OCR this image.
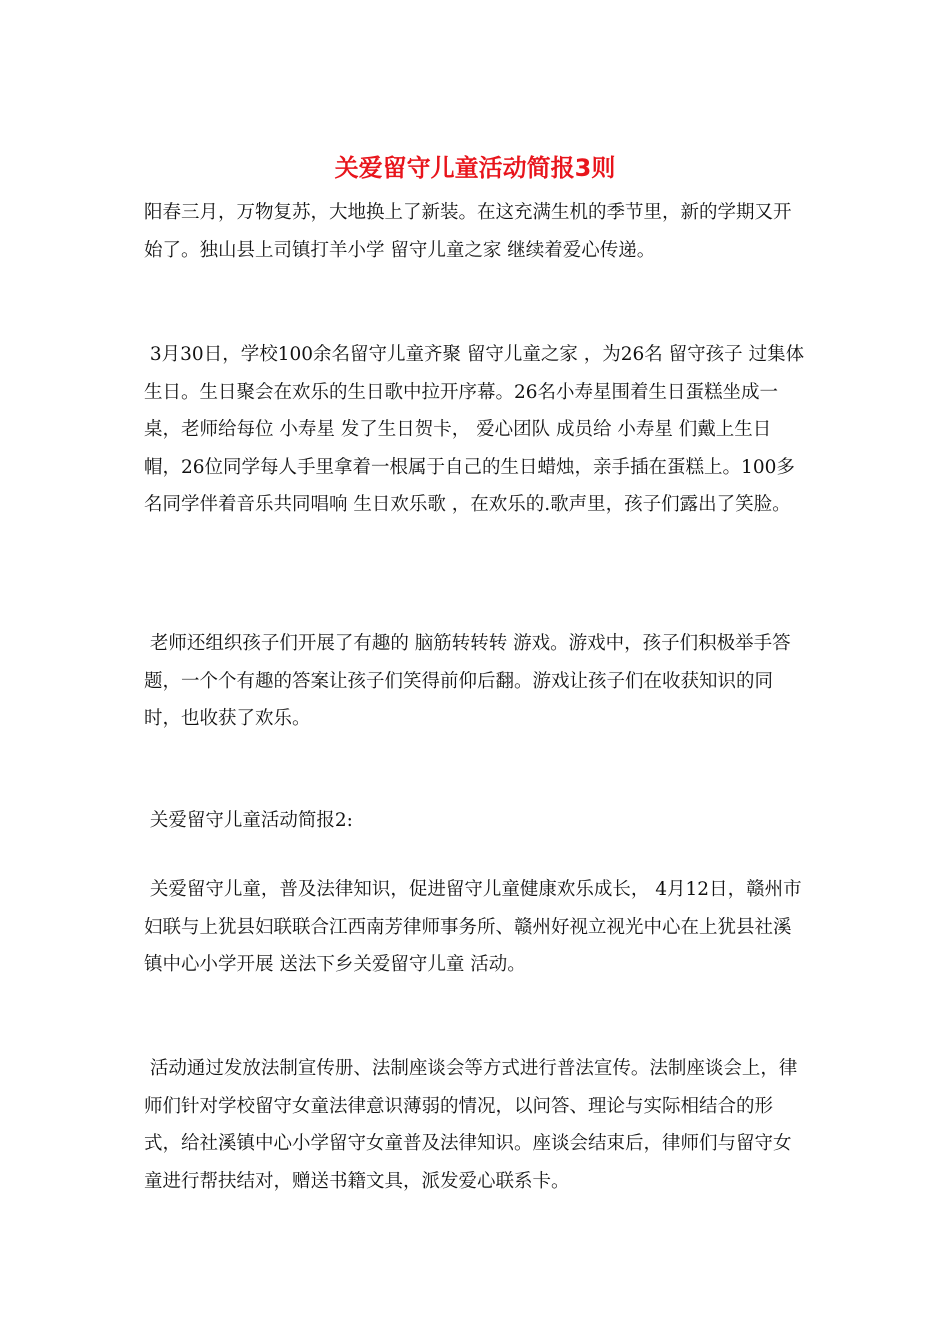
关爱留守儿童活动简报3则

阳春三月，万物复苏，大地换上了新装。在这充满生机的季节里，新的学期又开始了。独山县上司镇打羊小学 留守儿童之家 继续着爱心传递。

3月30日，学校100余名留守儿童齐聚 留守儿童之家 ，为26名 留守孩子 过集体生日。生日聚会在欢乐的生日歌中拉开序幕。26名小寿星围着生日蛋糕坐成一桌，老师给每位 小寿星 发了生日贺卡， 爱心团队 成员给 小寿星 们戴上生日帽，26位同学每人手里拿着一根属于自己的生日蜡烛，亲手插在蛋糕上。100多名同学伴着音乐共同唱响 生日欢乐歌 ，在欢乐的.歌声里，孩子们露出了笑脸。

老师还组织孩子们开展了有趣的 脑筋转转转 游戏。游戏中，孩子们积极举手答题，一个个有趣的答案让孩子们笑得前仰后翻。游戏让孩子们在收获知识的同时，也收获了欢乐。

关爱留守儿童活动简报2:

关爱留守儿童，普及法律知识，促进留守儿童健康欢乐成长， 4月12日，赣州市妇联与上犹县妇联联合江西南芳律师事务所、赣州好视立视光中心在上犹县社溪镇中心小学开展 送法下乡关爱留守儿童 活动。

活动通过发放法制宣传册、法制座谈会等方式进行普法宣传。法制座谈会上，律师们针对学校留守女童法律意识薄弱的情况，以问答、理论与实际相结合的形式，给社溪镇中心小学留守女童普及法律知识。座谈会结束后，律师们与留守女童进行帮扶结对，赠送书籍文具，派发爱心联系卡。
